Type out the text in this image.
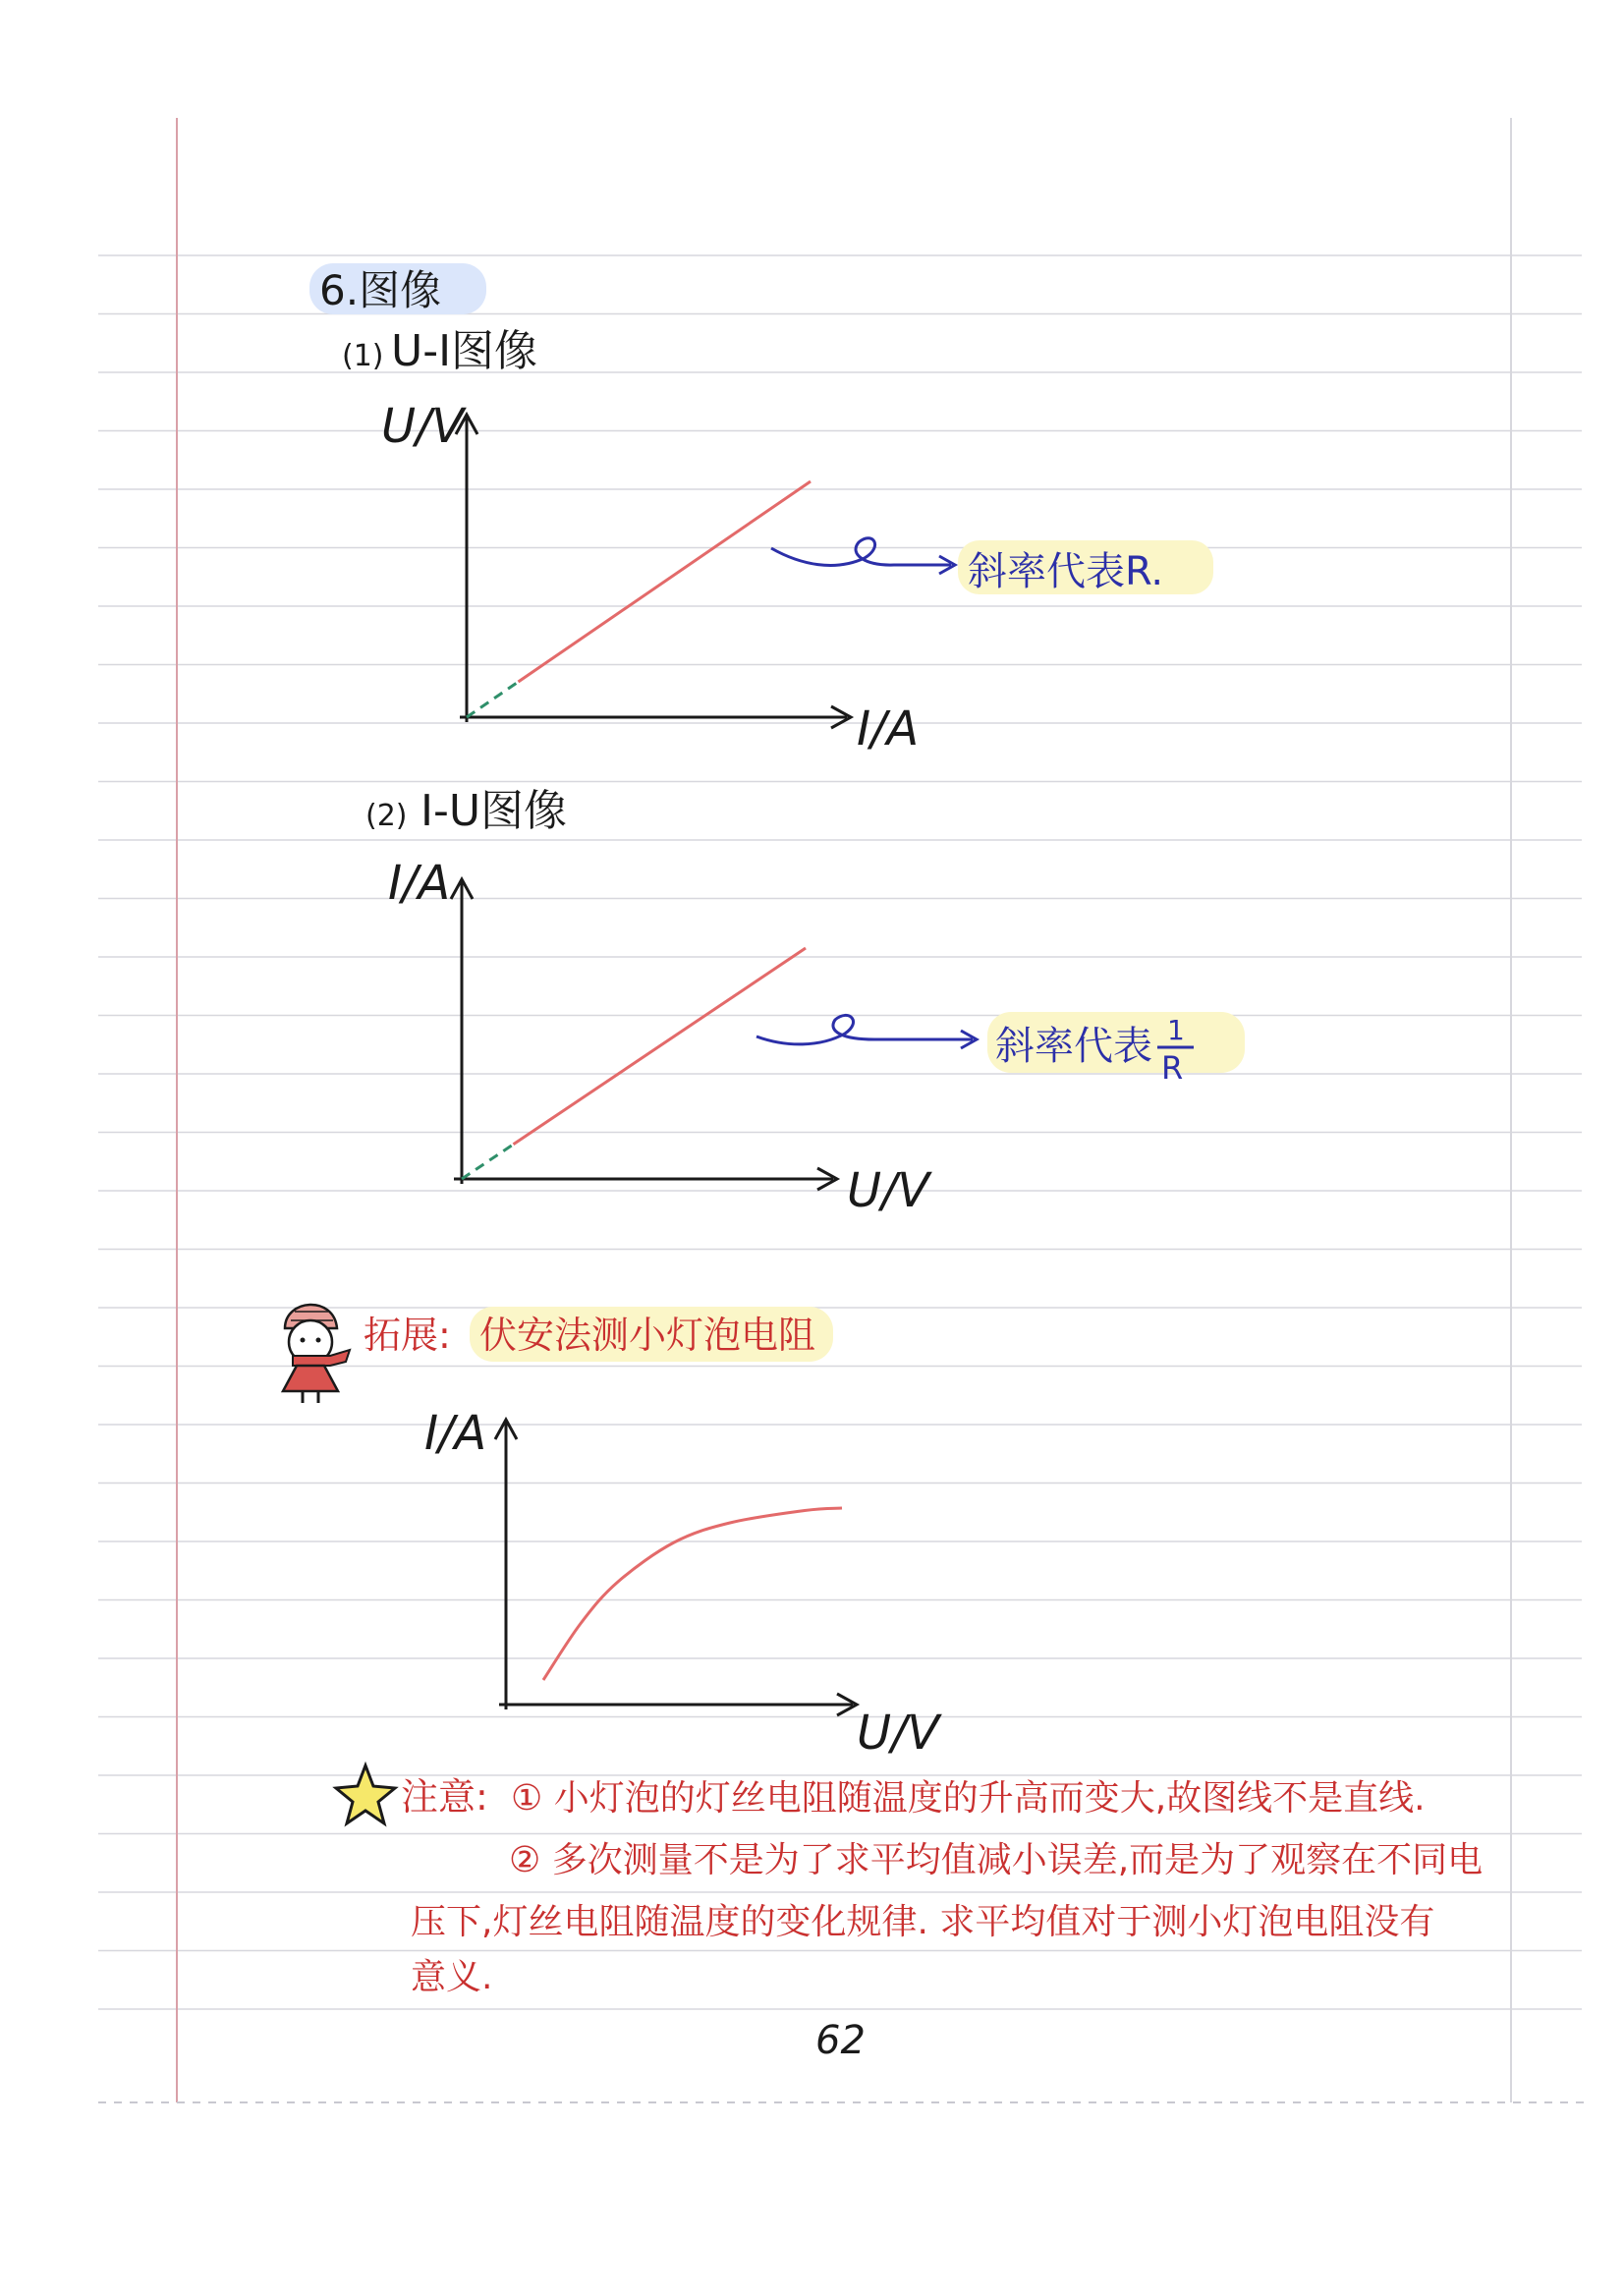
6.图像
(1) U-I图像
U/V
I/A
斜率代表R.
(2) I-U图像
I/A
U/V
斜率代表 1
R
拓展: 伏安法测小灯泡电阻
I/A
U/V
注意: ① 小灯泡的灯丝电阻随温度的升高而变大,故图线不是直线.
② 多次测量不是为了求平均值减小误差,而是为了观察在不同电
压下,灯丝电阻随温度的变化规律. 求平均值对于测小灯泡电阻没有
意义.
62
